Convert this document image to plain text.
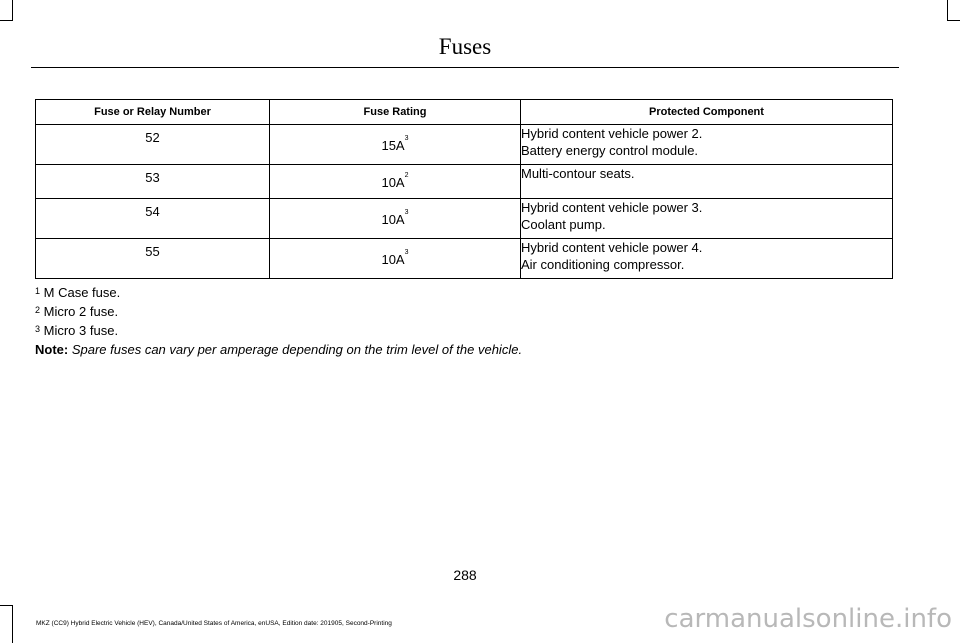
Fuses
Fuse or Relay Number	Fuse Rating	Protected Component

52	$15A^3$	Hybrid content vehicle power 2.
Battery energy control module.

53	$10A^2$	Multi-contour seats.

54	$10A^3$	Hybrid content vehicle power 3.
Coolant pump.

55	$10A^3$	Hybrid content vehicle power 4.
Air conditioning compressor.
$^1$ M Case fuse.
$^2$ Micro 2 fuse.
$^3$ Micro 3 fuse.
Note: Spare fuses can vary per amperage depending on the trim level of the vehicle.
288
MKZ (CC9) Hybrid Electric Vehicle (HEV), Canada/United States of America, enUSA, Edition date: 201905, Second-Printing	carmanualsonline.info
